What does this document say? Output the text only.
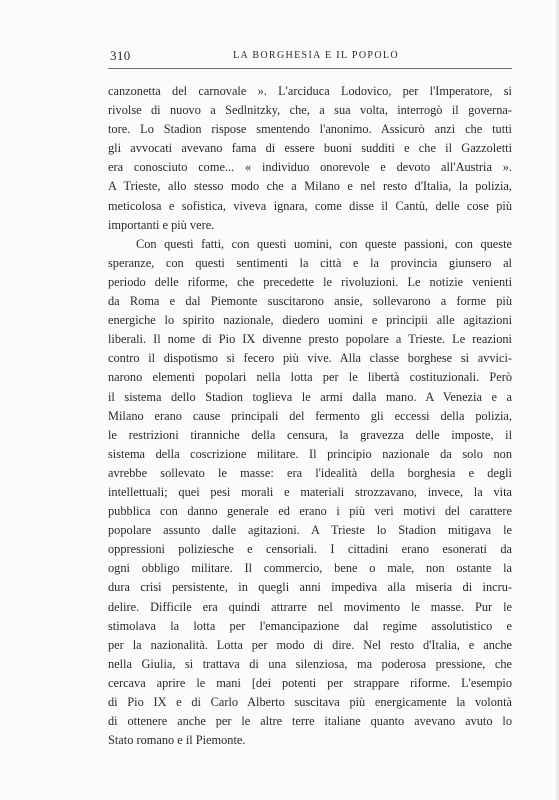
310	LA BORGHESIA E IL POPOLO
canzonetta del carnovale ». L'arciduca Lodovico, per l'Imperatore, si
rivolse di nuovo a Sedlnitzky, che, a sua volta, interrogò il governa-
tore. Lo Stadion rispose smentendo l'anonimo. Assicurò anzi che tutti
gli avvocati avevano fama di essere buoni sudditi e che il Gazzoletti
era conosciuto come... « individuo onorevole e devoto all'Austria ».
A Trieste, allo stesso modo che a Milano e nel resto d'Italia, la polizia,
meticolosa e sofistica, viveva ignara, come disse il Cantù, delle cose più
importanti e più vere.
Con questi fatti, con questi uomini, con queste passioni, con queste
speranze, con questi sentimenti la città e la provincia giunsero al
periodo delle riforme, che precedette le rivoluzioni. Le notizie venienti
da Roma e dal Piemonte suscitarono ansie, sollevarono a forme più
energiche lo spirito nazionale, diedero uomini e principii alle agitazioni
liberali. Il nome di Pio IX divenne presto popolare a Trieste. Le reazioni
contro il dispotismo si fecero più vive. Alla classe borghese si avvici-
narono elementi popolari nella lotta per le libertà costituzionali. Però
il sistema dello Stadion toglieva le armi dalla mano. A Venezia e a
Milano erano cause principali del fermento gli eccessi della polizia,
le restrizioni tiranniche della censura, la gravezza delle imposte, il
sistema della coscrizione militare. Il principio nazionale da solo non
avrebbe sollevato le masse: era l'idealità della borghesia e degli
intellettuali; quei pesi morali e materiali strozzavano, invece, la vita
pubblica con danno generale ed erano i più veri motivi del carattere
popolare assunto dalle agitazioni. A Trieste lo Stadion mitigava le
oppressioni poliziesche e censoriali. I cittadini erano esonerati da
ogni obbligo militare. Il commercio, bene o male, non ostante la
dura crisi persistente, in quegli anni impediva alla miseria di incru-
delire. Difficile era quindi attrarre nel movimento le masse. Pur le
stimolava la lotta per l'emancipazione dal regime assolutistico e
per la nazionalità. Lotta per modo di dire. Nel resto d'Italia, e anche
nella Giulia, si trattava di una silenziosa, ma poderosa pressione, che
cercava aprire le mani [dei potenti per strappare riforme. L'esempio
di Pio IX e di Carlo Alberto suscitava più energicamente la volontà
di ottenere anche per le altre terre italiane quanto avevano avuto lo
Stato romano e il Piemonte.
